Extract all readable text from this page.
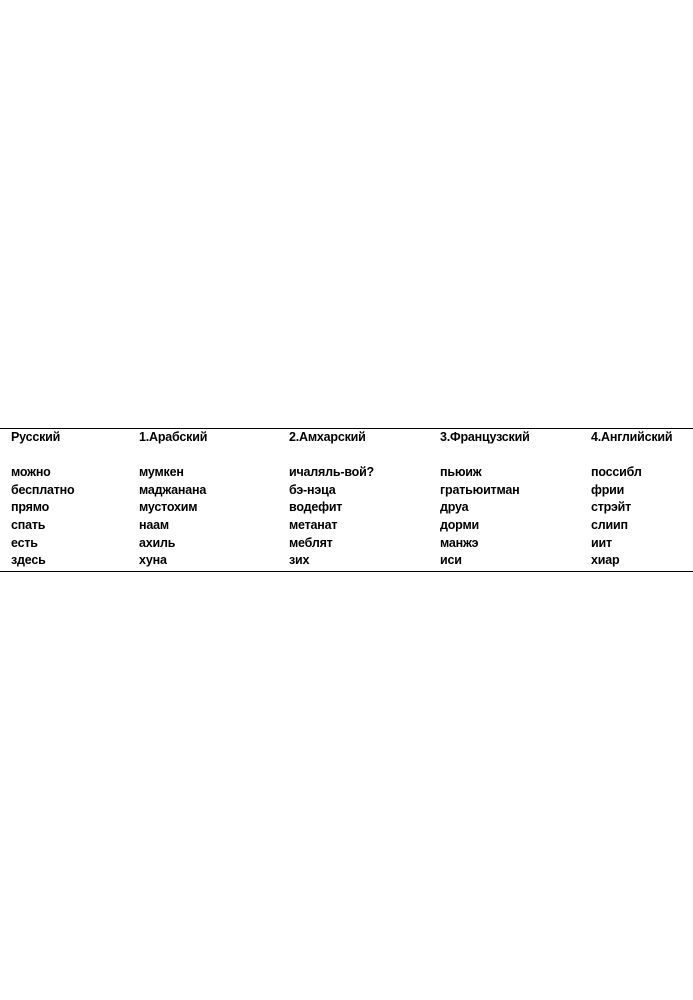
Русский
можно
бесплатно
прямо
спать
есть
здесь
1.Арабский
мумкен
маджанана
мустохим
наам
ахиль
хуна
2.Амхарский
ичаляль-вой?
бэ-нэца
водефит
метанат
меблят
зих
3.Французский
пьюиж
гратьюитман
друа
дорми
манжэ
иси
4.Английский
поссибл
фрии
стрэйт
слиип
иит
хиар
